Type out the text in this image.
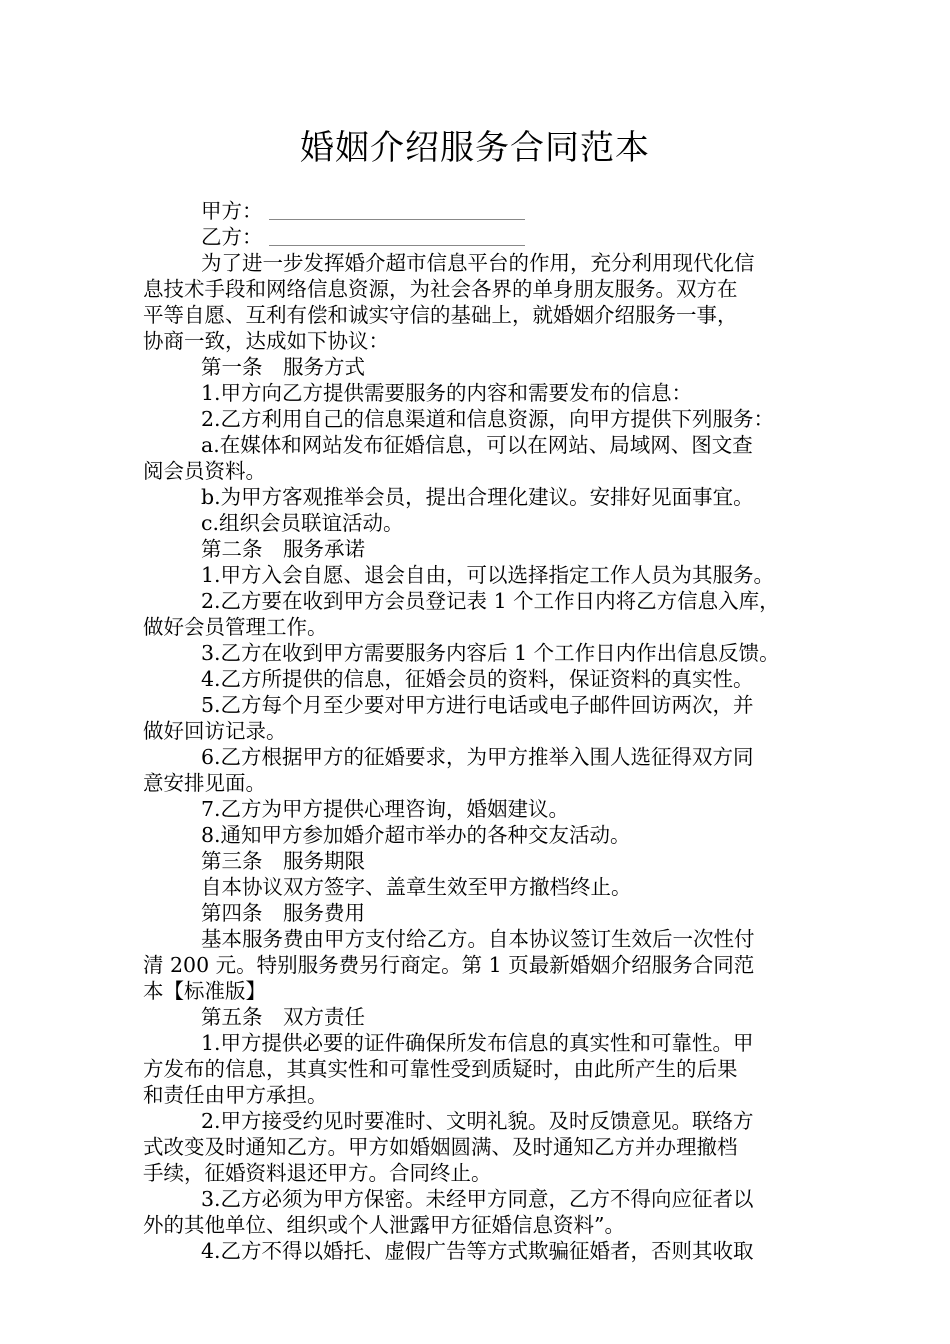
婚姻介绍服务合同范本
甲方：
乙方：

为了进一步发挥婚介超市信息平台的作用，充分利用现代化信

息技术手段和网络信息资源，为社会各界的单身朋友服务。双方在

平等自愿、互利有偿和诚实守信的基础上，就婚姻介绍服务一事，

协商一致，达成如下协议：

第一条　服务方式

1.甲方向乙方提供需要服务的内容和需要发布的信息：

2.乙方利用自己的信息渠道和信息资源，向甲方提供下列服务：

a.在媒体和网站发布征婚信息，可以在网站、局域网、图文查

阅会员资料。

b.为甲方客观推举会员，提出合理化建议。安排好见面事宜。

c.组织会员联谊活动。

第二条　服务承诺

1.甲方入会自愿、退会自由，可以选择指定工作人员为其服务。

2.乙方要在收到甲方会员登记表 1 个工作日内将乙方信息入库，

做好会员管理工作。

3.乙方在收到甲方需要服务内容后 1 个工作日内作出信息反馈。

4.乙方所提供的信息，征婚会员的资料，保证资料的真实性。

5.乙方每个月至少要对甲方进行电话或电子邮件回访两次，并

做好回访记录。

6.乙方根据甲方的征婚要求，为甲方推举入围人选征得双方同

意安排见面。

7.乙方为甲方提供心理咨询，婚姻建议。

8.通知甲方参加婚介超市举办的各种交友活动。

第三条　服务期限

自本协议双方签字、盖章生效至甲方撤档终止。

第四条　服务费用

基本服务费由甲方支付给乙方。自本协议签订生效后一次性付

清 200 元。特别服务费另行商定。第 1 页最新婚姻介绍服务合同范

本【标准版】

第五条　双方责任

1.甲方提供必要的证件确保所发布信息的真实性和可靠性。甲

方发布的信息，其真实性和可靠性受到质疑时，由此所产生的后果

和责任由甲方承担。

2.甲方接受约见时要准时、文明礼貌。及时反馈意见。联络方

式改变及时通知乙方。甲方如婚姻圆满、及时通知乙方并办理撤档

手续，征婚资料退还甲方。合同终止。

3.乙方必须为甲方保密。未经甲方同意，乙方不得向应征者以

外的其他单位、组织或个人泄露甲方征婚信息资料”。

4.乙方不得以婚托、虚假广告等方式欺骗征婚者，否则其收取
